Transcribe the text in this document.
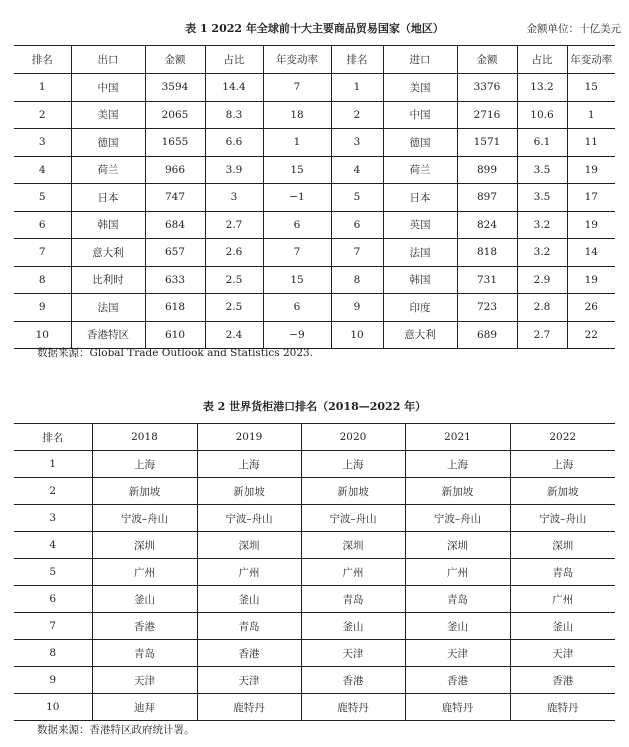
表 1 2022 年全球前十大主要商品贸易国家（地区）	金额单位：十亿美元
排名	出口	金额	占比	年变动率	排名	进口	金额	占比	年变动率
1	中国	3594	14.4	7	1	美国	3376	13.2	15
2	美国	2065	8.3	18	2	中国	2716	10.6	1
3	德国	1655	6.6	1	3	德国	1571	6.1	11
4	荷兰	966	3.9	15	4	荷兰	899	3.5	19
5	日本	747	3	−1	5	日本	897	3.5	17
6	韩国	684	2.7	6	6	英国	824	3.2	19
7	意大利	657	2.6	7	7	法国	818	3.2	14
8	比利时	633	2.5	15	8	韩国	731	2.9	19
9	法国	618	2.5	6	9	印度	723	2.8	26
10	香港特区	610	2.4	−9	10	意大利	689	2.7	22
数据来源：Global Trade Outlook and Statistics 2023.
表 2 世界货柜港口排名（2018—2022 年）
排名	2018	2019	2020	2021	2022
1	上海	上海	上海	上海	上海
2	新加坡	新加坡	新加坡	新加坡	新加坡
3	宁波–舟山	宁波–舟山	宁波–舟山	宁波–舟山	宁波–舟山
4	深圳	深圳	深圳	深圳	深圳
5	广州	广州	广州	广州	青岛
6	釜山	釜山	青岛	青岛	广州
7	香港	青岛	釜山	釜山	釜山
8	青岛	香港	天津	天津	天津
9	天津	天津	香港	香港	香港
10	迪拜	鹿特丹	鹿特丹	鹿特丹	鹿特丹
数据来源：香港特区政府统计署。
